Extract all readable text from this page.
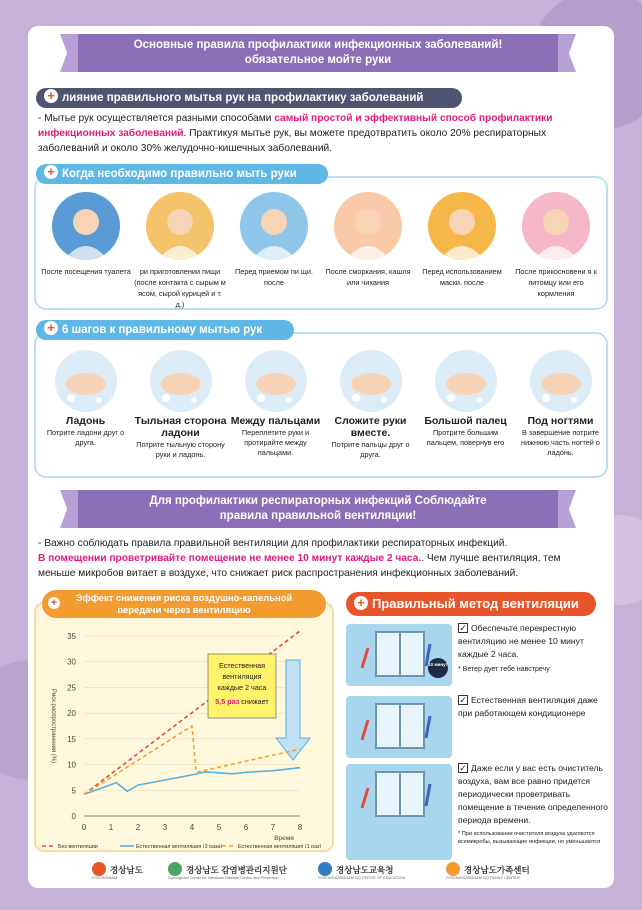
Основные правила профилактики инфекционных заболеваний!
обязательное мойте руки
+ лияние правильного мытья рук на профилактику заболеваний
- Мытье рук осуществляется разными способами самый простой и эффективный способ профилактики инфекционных заболеваний. Практикуя мытье рук, вы можете предотвратить около 20% респираторных заболеваний и около 30% желудочно-кишечных заболеваний.
+ Когда необходимо правильно мыть руки
После посещения туалета	ри приготовлении пищи (после контакта с сырым м ясом, сырой курицей и т. д.)
Перед приемом пи щи. после
После сморкания, кашля или чихания
Перед использованием маски. после
После прикосновени я к питомцу или его кормления
+ 6 шагов к правильному мытью рук
Ладонь
Потрите ладони друг о друга.
Тыльная сторона ладони
Потрите тыльную сторону руки и ладонь.
Между пальцами
Переплетите руки и протирайте между пальцами.
Сложите руки вместе.
Потрите пальцы друг о друга.
Большой палец
Протрите большим пальцем, повернув его
Под ногтями
В завершение потрите нижнюю часть ногтей о ладонь.
Для профилактики респираторных инфекций Соблюдайте
правила правильной вентиляции!
- Важно соблюдать правила правильной вентиляции для профилактики респираторных инфекций.
В помещении проветривайте помещение не менее 10 минут каждые 2 часа.. Чем лучше вентиляция, тем меньше микробов витает в воздухе, что снижает риск распространения инфекционных заболеваний.
+	Эффект снижения риска воздушно-капельной
передачи через вентиляцию
0
5
10
15
20
25
30
35
0	1	2	3	4	5	6	7	8
Риск распространения (%)
Время
Естественная
вентиляция
каждые 2 часа
5,5 раз снижает
Без вентиляции	Естественная вентиляция (3 раза)	Естественная вентиляция (1 раз)
+ Правильный метод вентиляции
10 минут
✓ Обеспечьте перекрестную вентиляцию не менее 10 минут каждые 2 часа.
* Ветер дует тебе навстречу
✓ Естественная вентиляция даже при работающем кондиционере
✓ Даже если у вас есть очиститель воздуха, вам все равно придется периодически проветривать помещение в течение определенного периода времени.
* При использовании очистителя воздуха удаляются всемикробы, вызывающие инфекции, но уменьшается
경상남도
GYEONGNAM
경상남도 감염병관리지원단
Gyeongnam Center for Infectious Disease Control and Prevention
경상남도교육청
GYEONGSANGNAM-DO OFFICE OF EDUCATION
경상남도가족센터
GYEONGSANGNAM-DO FAMILY CENTER
